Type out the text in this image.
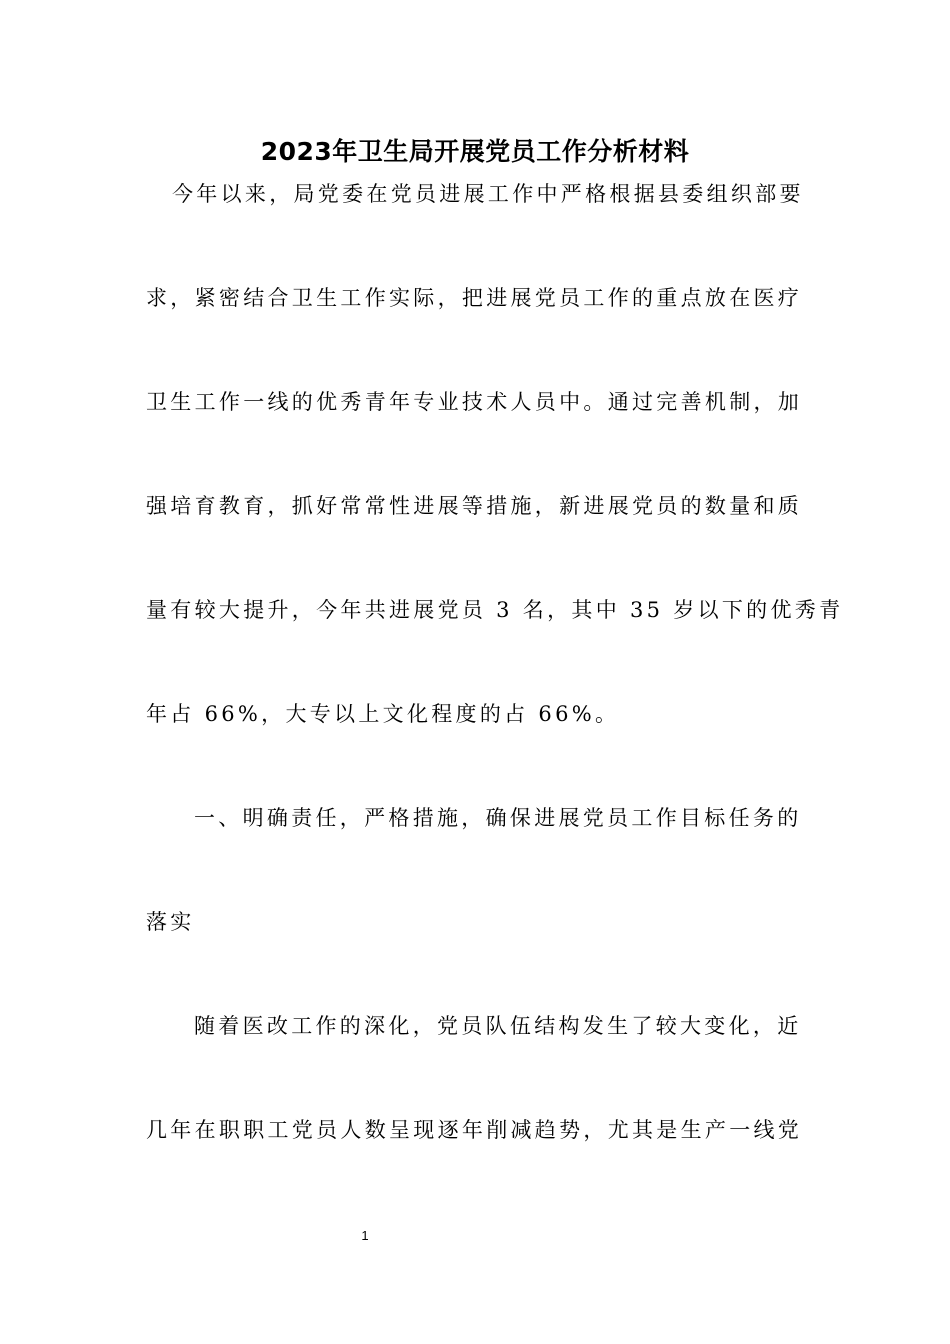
2023年卫生局开展党员工作分析材料
今年以来，局党委在党员进展工作中严格根据县委组织部要
求，紧密结合卫生工作实际，把进展党员工作的重点放在医疗
卫生工作一线的优秀青年专业技术人员中。通过完善机制，加
强培育教育，抓好常常性进展等措施，新进展党员的数量和质
量有较大提升，今年共进展党员 3 名，其中 35 岁以下的优秀青
年占 66%，大专以上文化程度的占 66%。
一、明确责任，严格措施，确保进展党员工作目标任务的
落实
随着医改工作的深化，党员队伍结构发生了较大变化，近
几年在职职工党员人数呈现逐年削减趋势，尤其是生产一线党
1
